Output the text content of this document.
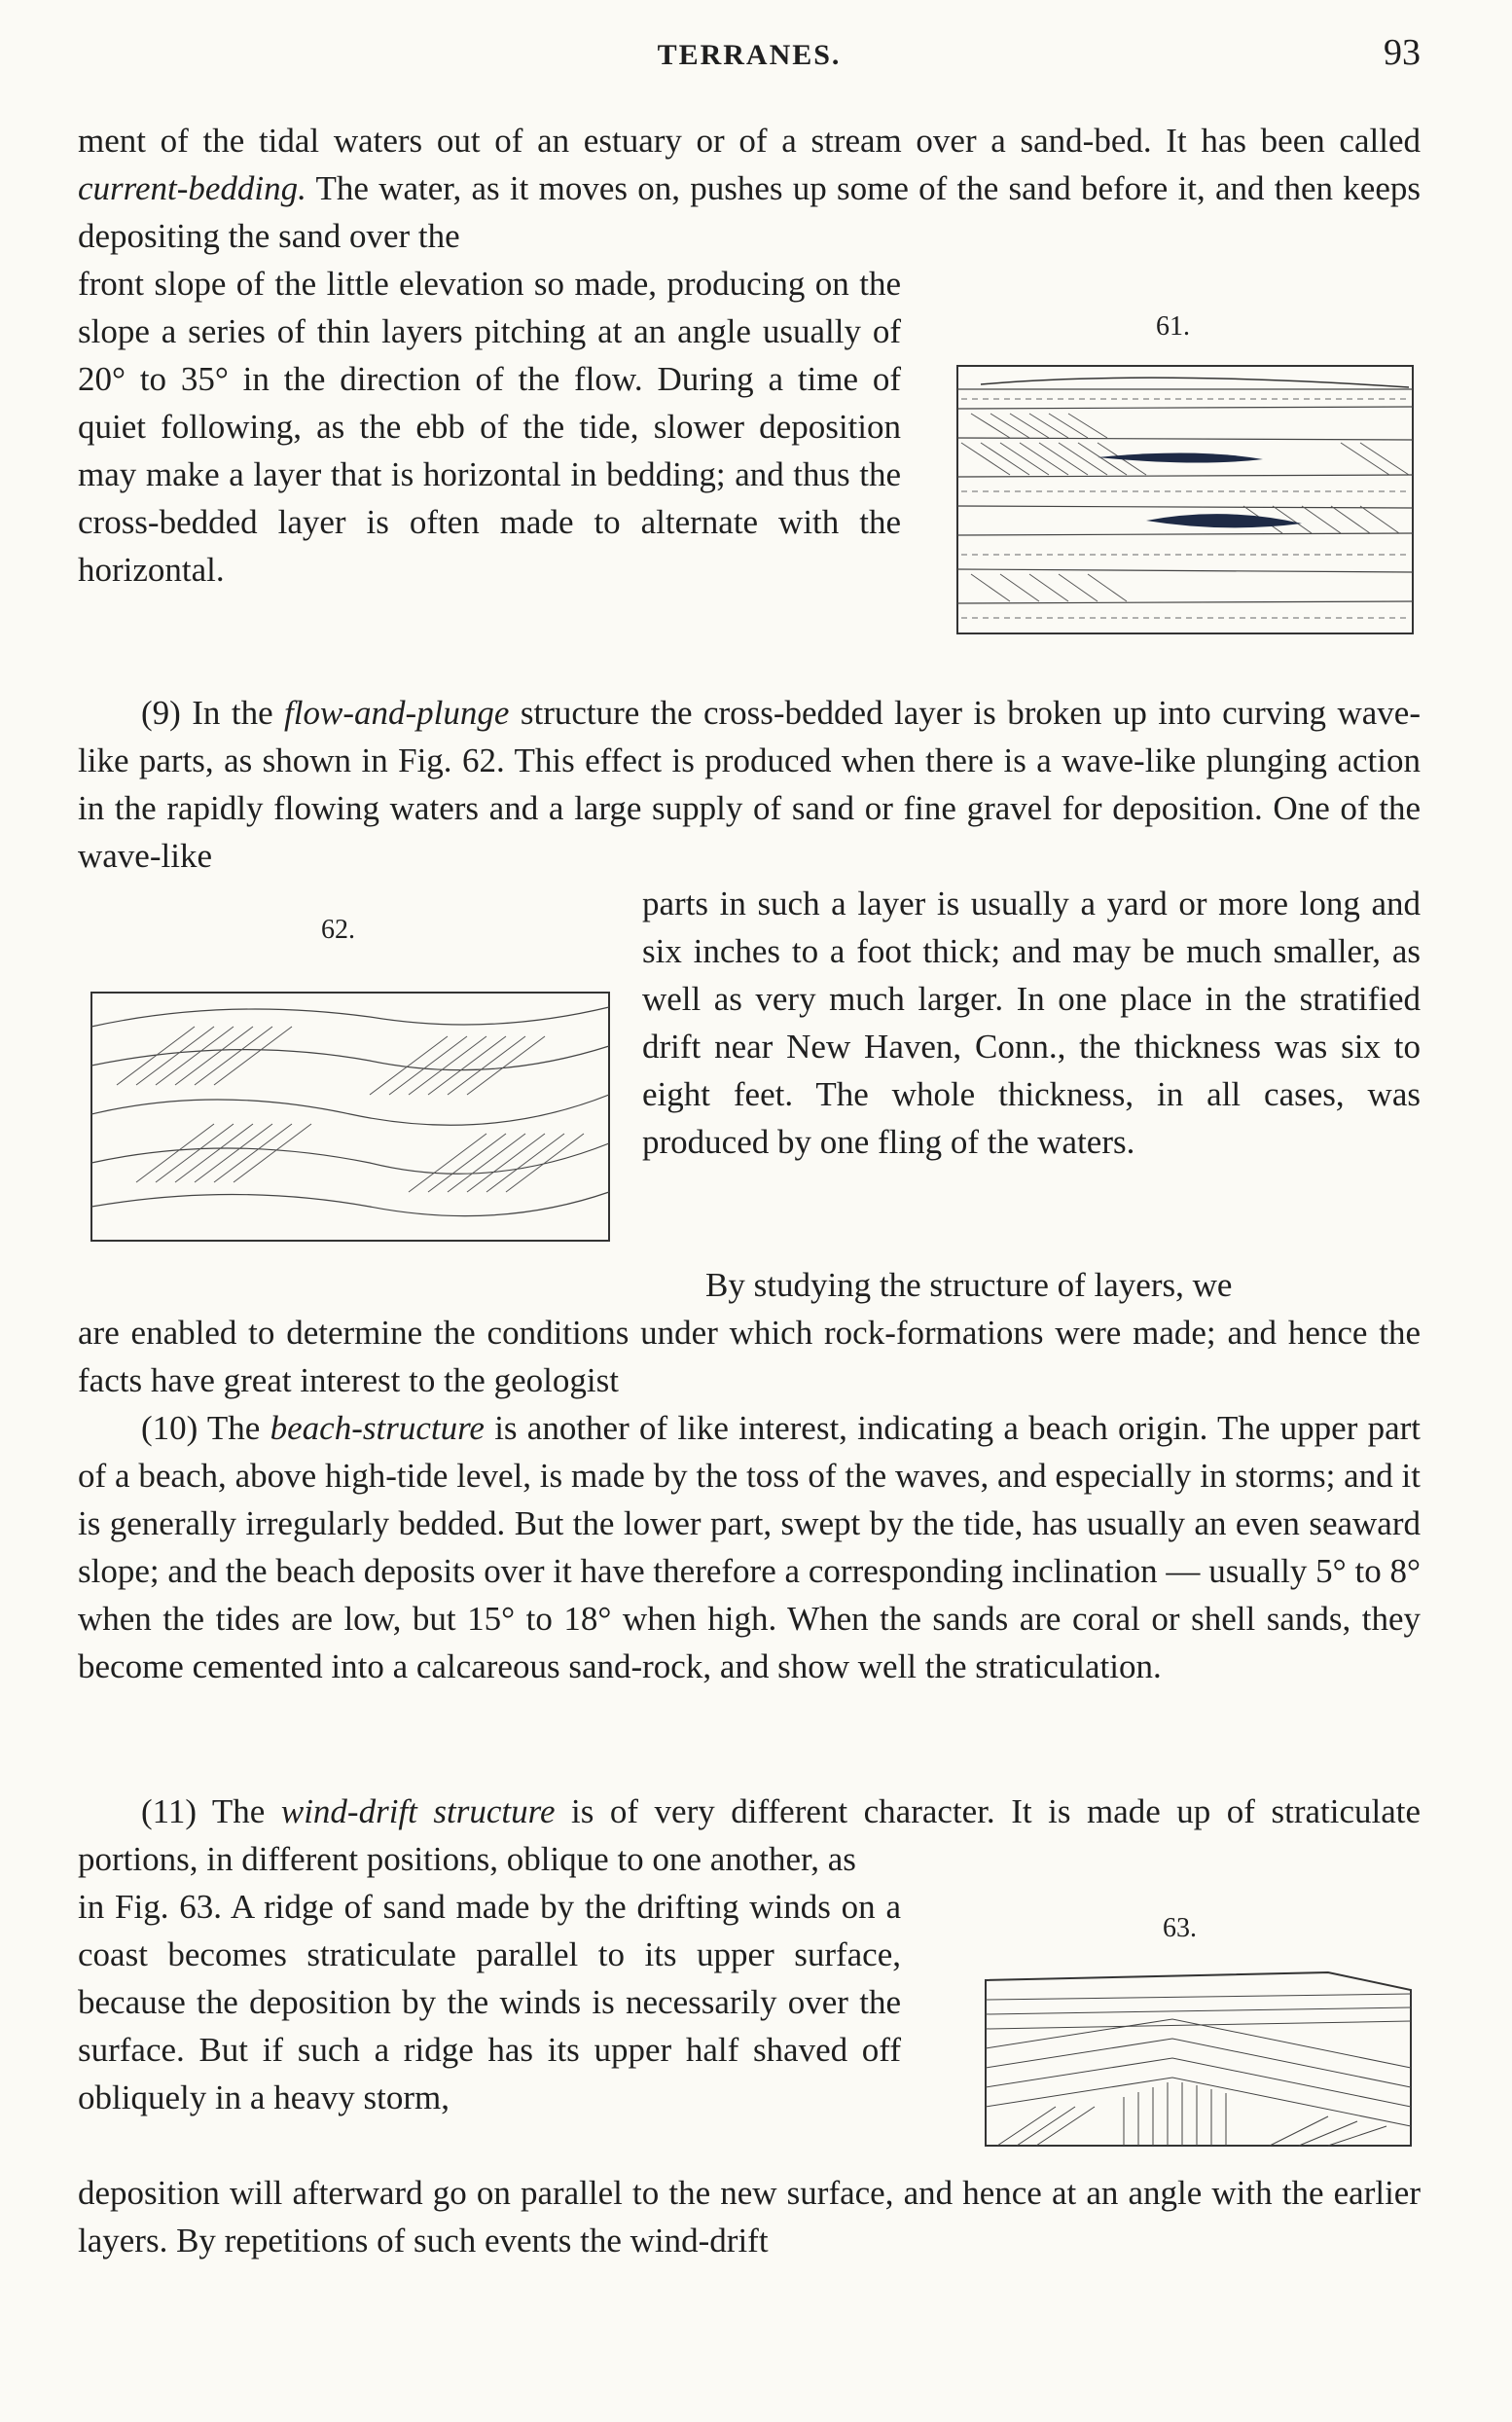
TERRANES.	93
ment of the tidal waters out of an estuary or of a stream over a sand-bed. It has been called current-bedding. The water, as it moves on, pushes up some of the sand before it, and then keeps depositing the sand over the
front slope of the little elevation so made, producing on the slope a series of thin layers pitching at an angle usually of 20° to 35° in the direction of the flow. During a time of quiet following, as the ebb of the tide, slower deposition may make a layer that is horizontal in bedding; and thus the cross-bedded layer is often made to alternate with the horizontal.
61.
(9) In the flow-and-plunge structure the cross-bedded layer is broken up into curving wave-like parts, as shown in Fig. 62. This effect is produced when there is a wave-like plunging action in the rapidly flowing waters and a large supply of sand or fine gravel for deposition. One of the wave-like
62.
parts in such a layer is usually a yard or more long and six inches to a foot thick; and may be much smaller, as well as very much larger. In one place in the stratified drift near New Haven, Conn., the thickness was six to eight feet. The whole thickness, in all cases, was produced by one fling of the waters.
By studying the structure of layers, we
are enabled to determine the conditions under which rock-formations were made; and hence the facts have great interest to the geologist
(10) The beach-structure is another of like interest, indicating a beach origin. The upper part of a beach, above high-tide level, is made by the toss of the waves, and especially in storms; and it is generally irregularly bedded. But the lower part, swept by the tide, has usually an even seaward slope; and the beach deposits over it have therefore a corresponding inclination — usually 5° to 8° when the tides are low, but 15° to 18° when high. When the sands are coral or shell sands, they become cemented into a calcareous sand-rock, and show well the straticulation.
(11) The wind-drift structure is of very different character. It is made up of straticulate portions, in different positions, oblique to one another, as
in Fig. 63. A ridge of sand made by the drifting winds on a coast becomes straticulate parallel to its upper surface, because the deposition by the winds is necessarily over the surface. But if such a ridge has its upper half shaved off obliquely in a heavy storm,
63.
deposition will afterward go on parallel to the new surface, and hence at an angle with the earlier layers. By repetitions of such events the wind-drift
